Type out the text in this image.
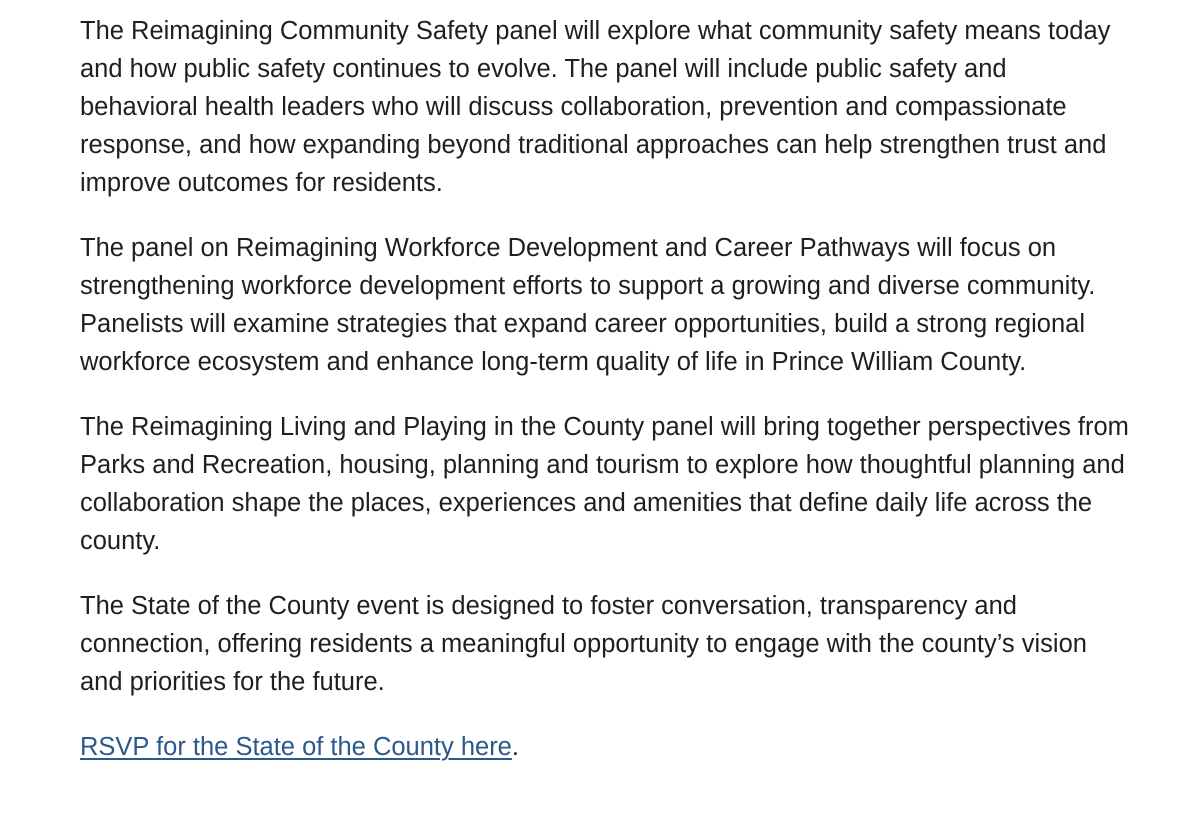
The Reimagining Community Safety panel will explore what community safety means today and how public safety continues to evolve. The panel will include public safety and behavioral health leaders who will discuss collaboration, prevention and compassionate response, and how expanding beyond traditional approaches can help strengthen trust and improve outcomes for residents.

The panel on Reimagining Workforce Development and Career Pathways will focus on strengthening workforce development efforts to support a growing and diverse community. Panelists will examine strategies that expand career opportunities, build a strong regional workforce ecosystem and enhance long-term quality of life in Prince William County.

The Reimagining Living and Playing in the County panel will bring together perspectives from Parks and Recreation, housing, planning and tourism to explore how thoughtful planning and collaboration shape the places, experiences and amenities that define daily life across the county.

The State of the County event is designed to foster conversation, transparency and connection, offering residents a meaningful opportunity to engage with the county’s vision and priorities for the future.

RSVP for the State of the County here.
